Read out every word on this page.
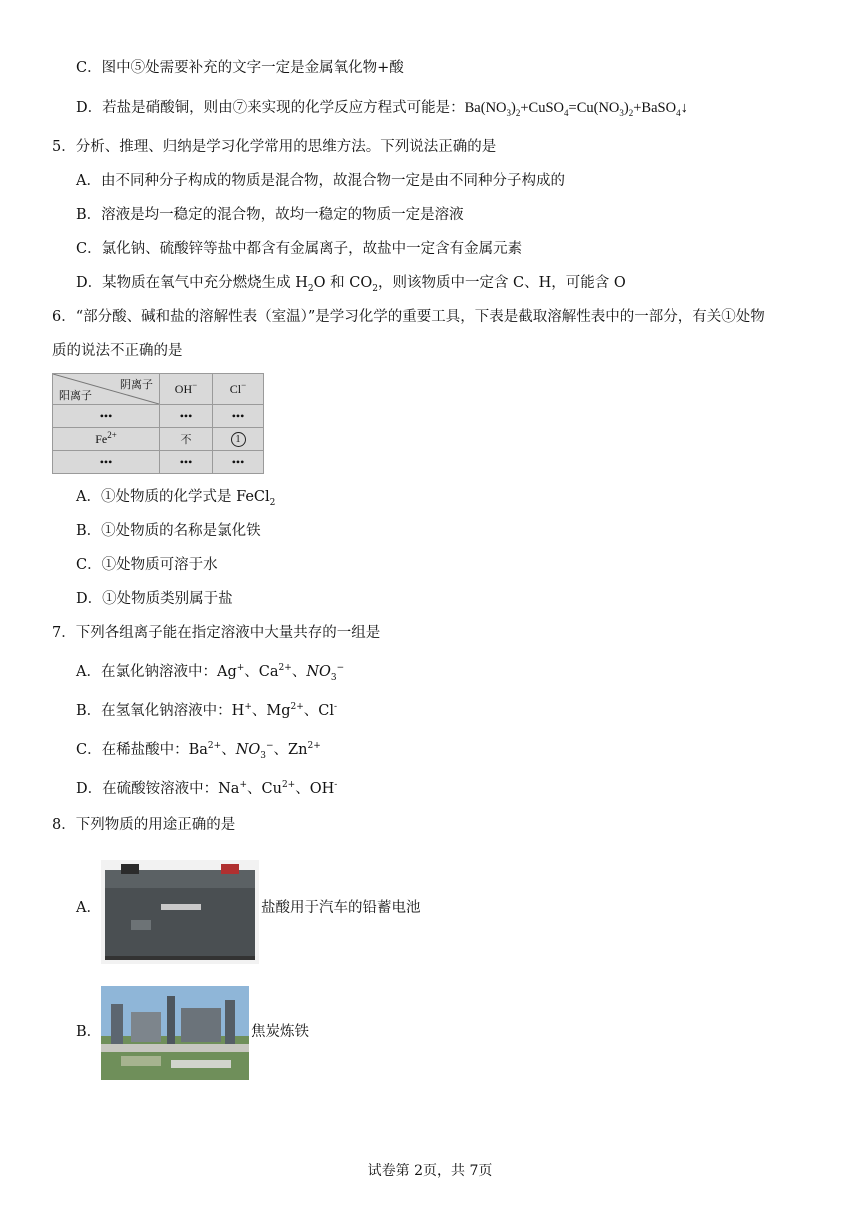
C．图中⑤处需要补充的文字一定是金属氧化物+酸
D．若盐是硝酸铜，则由⑦来实现的化学反应方程式可能是：$Ba(NO_3)_2+CuSO_4=Cu(NO_3)_2+BaSO_4↓$
5．分析、推理、归纳是学习化学常用的思维方法。下列说法正确的是
A．由不同种分子构成的物质是混合物，故混合物一定是由不同种分子构成的
B．溶液是均一稳定的混合物，故均一稳定的物质一定是溶液
C．氯化钠、硫酸锌等盐中都含有金属离子，故盐中一定含有金属元素
D．某物质在氧气中充分燃烧生成 $H_2O$ 和 $CO_2$，则该物质中一定含 C、H，可能含 O
6．“部分酸、碱和盐的溶解性表（室温）”是学习化学的重要工具，下表是截取溶解性表中的一部分，有关①处物
质的说法不正确的是
阴离子
阳离子	OH−	Cl−
•••	•••	•••
$Fe^{2+}$	不	1
•••	•••	•••
A．①处物质的化学式是 FeCl$_2$
B．①处物质的名称是氯化铁
C．①处物质可溶于水
D．①处物质类别属于盐
7．下列各组离子能在指定溶液中大量共存的一组是
A．在氯化钠溶液中：Ag+、$Ca^{2+}$、$NO_3^-$
B．在氢氧化钠溶液中：H+、$Mg^{2+}$、Cl-
C．在稀盐酸中：$Ba^{2+}$、$NO_3^-$、$Zn^{2+}$
D．在硫酸铵溶液中：Na+、$Cu^{2+}$、OH-
8．下列物质的用途正确的是
A．	盐酸用于汽车的铅蓄电池
B．	焦炭炼铁
试卷第 2页，共 7页
